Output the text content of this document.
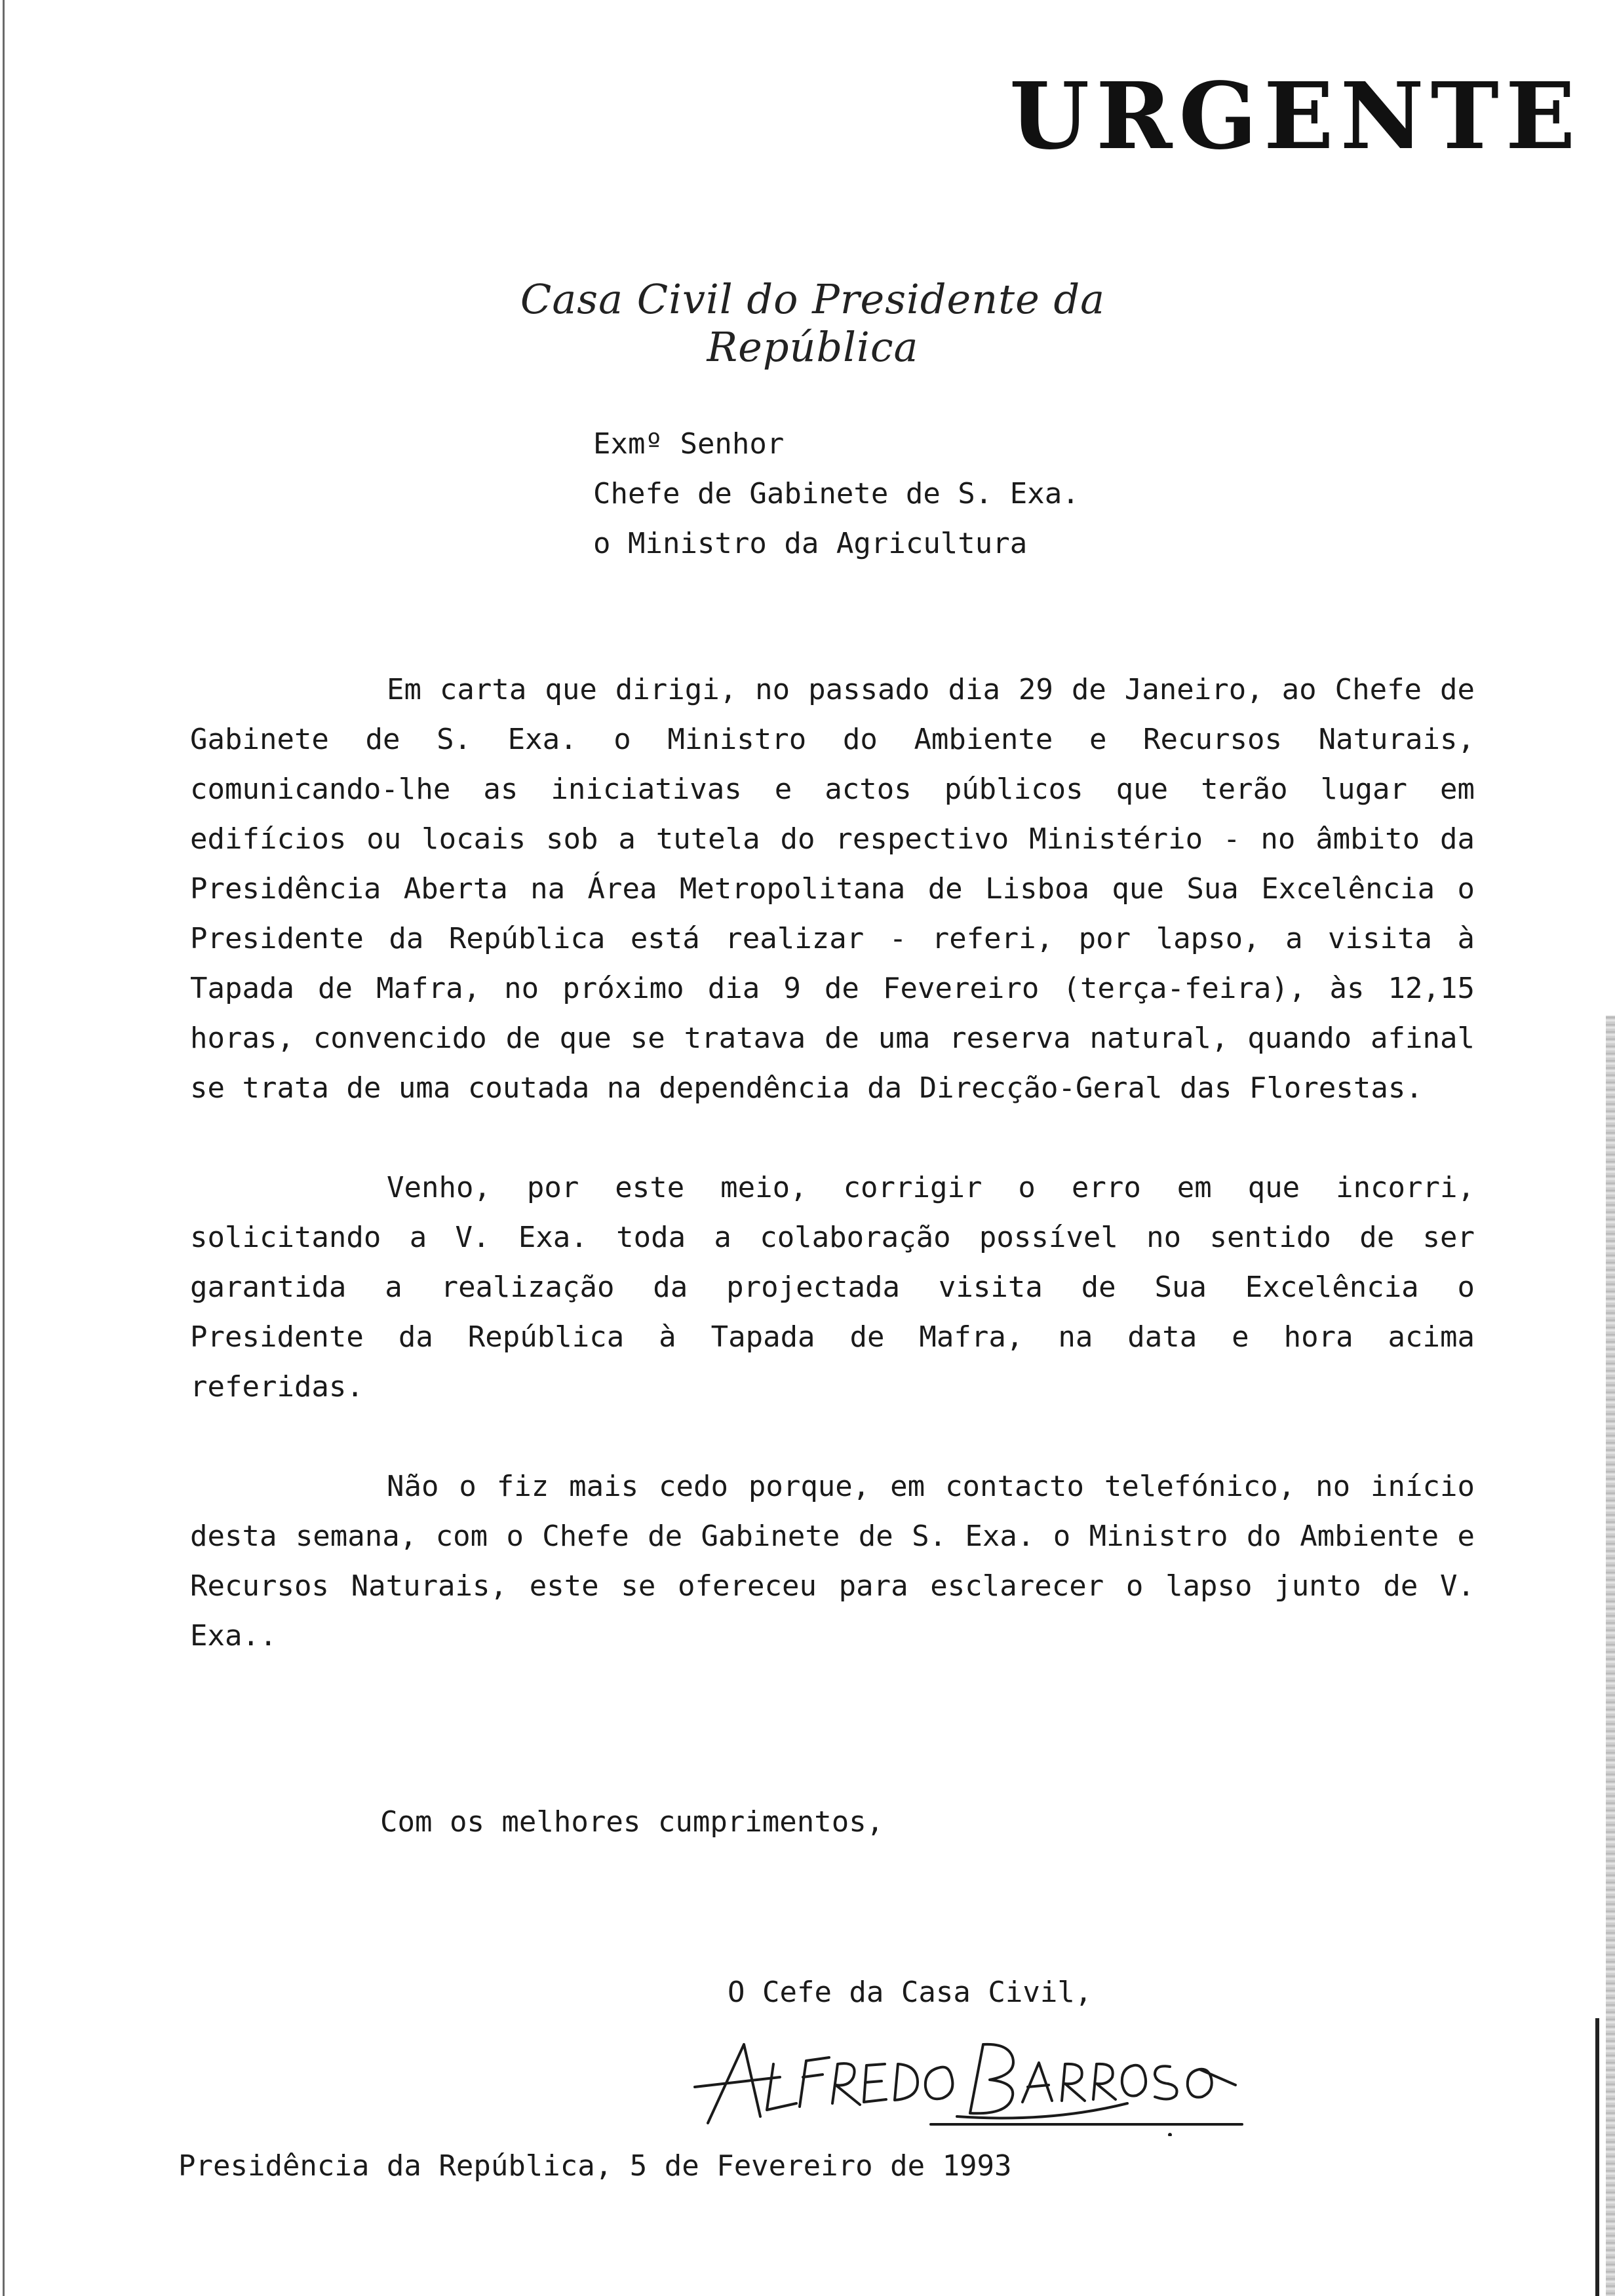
URGENTE
Casa Civil do Presidente da República
Exmº Senhor
Chefe de Gabinete de S. Exa.
o Ministro da Agricultura

Em carta que dirigi, no passado dia 29 de Janeiro, ao Chefe de Gabinete de S. Exa. o Ministro do Ambiente e Recursos Naturais, comunicando-lhe as iniciativas e actos públicos que terão lugar em edifícios ou locais sob a tutela do respectivo Ministério - no âmbito da Presidência Aberta na Área Metropolitana de Lisboa que Sua Excelência o Presidente da República está realizar - referi, por lapso, a visita à Tapada de Mafra, no próximo dia 9 de Fevereiro (terça-feira), às 12,15 horas, convencido de que se tratava de uma reserva natural, quando afinal se trata de uma coutada na dependência da Direcção-Geral das Florestas.

Venho, por este meio, corrigir o erro em que incorri, solicitando a V. Exa. toda a colaboração possível no sentido de ser garantida a realização da projectada visita de Sua Excelência o Presidente da República à Tapada de Mafra, na data e hora acima referidas.

Não o fiz mais cedo porque, em contacto telefónico, no início desta semana, com o Chefe de Gabinete de S. Exa. o Ministro do Ambiente e Recursos Naturais, este se ofereceu para esclarecer o lapso junto de V. Exa..

Com os melhores cumprimentos,
O Cefe da Casa Civil,
Presidência da República, 5 de Fevereiro de 1993
